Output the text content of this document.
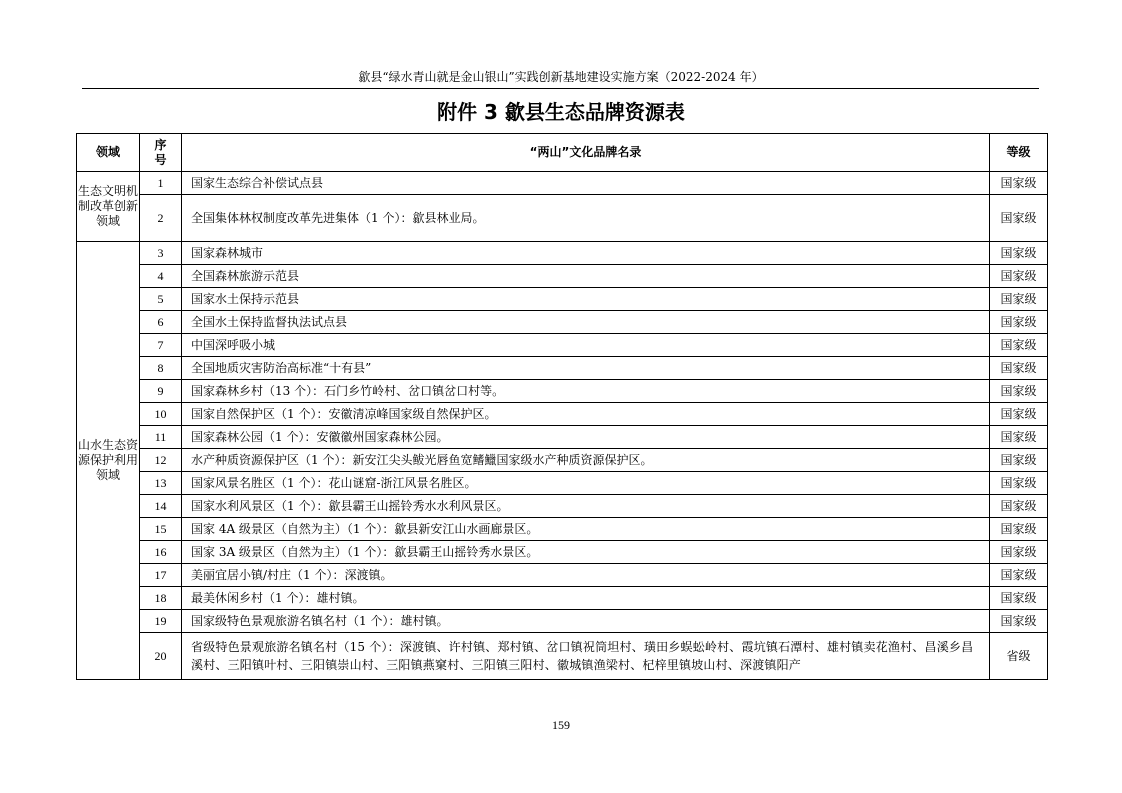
歙县“绿水青山就是金山银山”实践创新基地建设实施方案（2022-2024 年）
附件 3 歙县生态品牌资源表
领域	序号	“两山”文化品牌名录	等级
生态文明机制改革创新领域	1	国家生态综合补偿试点县	国家级
	2	全国集体林权制度改革先进集体（1 个）：歙县林业局。	国家级
山水生态资源保护利用领域	3	国家森林城市	国家级
	4	全国森林旅游示范县	国家级
	5	国家水土保持示范县	国家级
	6	全国水土保持监督执法试点县	国家级
	7	中国深呼吸小城	国家级
	8	全国地质灾害防治高标准“十有县”	国家级
	9	国家森林乡村（13 个）：石门乡竹岭村、岔口镇岔口村等。	国家级
	10	国家自然保护区（1 个）：安徽清凉峰国家级自然保护区。	国家级
	11	国家森林公园（1 个）：安徽徽州国家森林公园。	国家级
	12	水产种质资源保护区（1 个）：新安江尖头鲅光唇鱼宽鳍鱲国家级水产种质资源保护区。	国家级
	13	国家风景名胜区（1 个）：花山谜窟-浙江风景名胜区。	国家级
	14	国家水利风景区（1 个）：歙县霸王山摇铃秀水水利风景区。	国家级
	15	国家 4A 级景区（自然为主）（1 个）：歙县新安江山水画廊景区。	国家级
	16	国家 3A 级景区（自然为主）（1 个）：歙县霸王山摇铃秀水景区。	国家级
	17	美丽宜居小镇/村庄（1 个）：深渡镇。	国家级
	18	最美休闲乡村（1 个）：雄村镇。	国家级
	19	国家级特色景观旅游名镇名村（1 个）：雄村镇。	国家级
	20	省级特色景观旅游名镇名村（15 个）：深渡镇、许村镇、郑村镇、岔口镇祝筒坦村、璜田乡蜈蚣岭村、霞坑镇石潭村、雄村镇卖花渔村、昌溪乡昌溪村、三阳镇叶村、三阳镇崇山村、三阳镇燕窠村、三阳镇三阳村、徽城镇渔梁村、杞梓里镇坡山村、深渡镇阳产	省级
159
